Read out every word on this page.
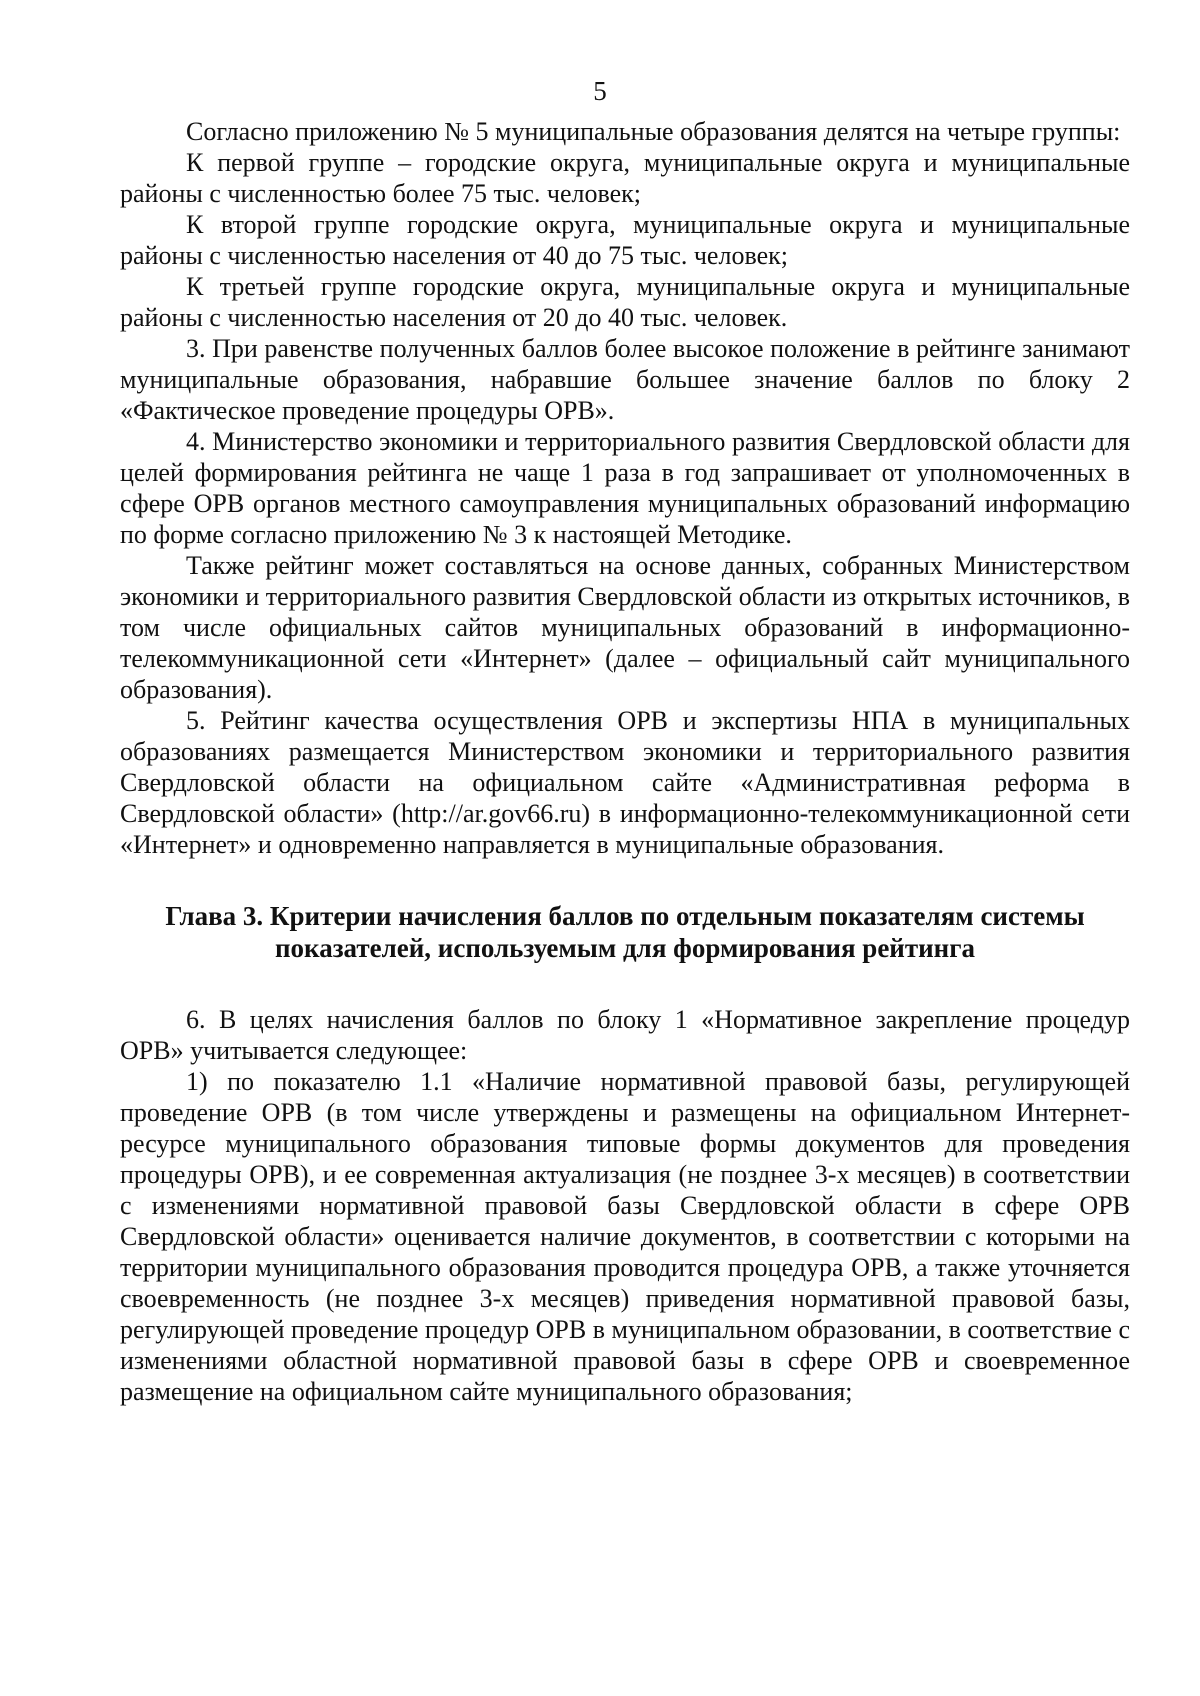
5

Согласно приложению № 5 муниципальные образования делятся на четыре группы:

К первой группе – городские округа, муниципальные округа и муниципальные районы с численностью более 75 тыс. человек;

К второй группе городские округа, муниципальные округа и муниципальные районы с численностью населения от 40 до 75 тыс. человек;

К третьей группе городские округа, муниципальные округа и муниципальные районы с численностью населения от 20 до 40 тыс. человек.

3. При равенстве полученных баллов более высокое положение в рейтинге занимают муниципальные образования, набравшие большее значение баллов по блоку 2 «Фактическое проведение процедуры ОРВ».

4. Министерство экономики и территориального развития Свердловской области для целей формирования рейтинга не чаще 1 раза в год запрашивает от уполномоченных в сфере ОРВ органов местного самоуправления муниципальных образований информацию по форме согласно приложению № 3 к настоящей Методике.

Также рейтинг может составляться на основе данных, собранных Министерством экономики и территориального развития Свердловской области из открытых источников, в том числе официальных сайтов муниципальных образований в информационно-телекоммуникационной сети «Интернет» (далее – официальный сайт муниципального образования).

5. Рейтинг качества осуществления ОРВ и экспертизы НПА в муниципальных образованиях размещается Министерством экономики и территориального развития Свердловской области на официальном сайте «Административная реформа в Свердловской области» (http://ar.gov66.ru) в информационно-телекоммуникационной сети «Интернет» и одновременно направляется в муниципальные образования.

Глава 3. Критерии начисления баллов по отдельным показателям системы показателей, используемым для формирования рейтинга

6. В целях начисления баллов по блоку 1 «Нормативное закрепление процедур ОРВ» учитывается следующее:

1) по показателю 1.1 «Наличие нормативной правовой базы, регулирующей проведение ОРВ (в том числе утверждены и размещены на официальном Интернет-ресурсе муниципального образования типовые формы документов для проведения процедуры ОРВ), и ее современная актуализация (не позднее 3-х месяцев) в соответствии с изменениями нормативной правовой базы Свердловской области в сфере ОРВ Свердловской области» оценивается наличие документов, в соответствии с которыми на территории муниципального образования проводится процедура ОРВ, а также уточняется своевременность (не позднее 3-х месяцев) приведения нормативной правовой базы, регулирующей проведение процедур ОРВ в муниципальном образовании, в соответствие с изменениями областной нормативной правовой базы в сфере ОРВ и своевременное размещение на официальном сайте муниципального образования;
